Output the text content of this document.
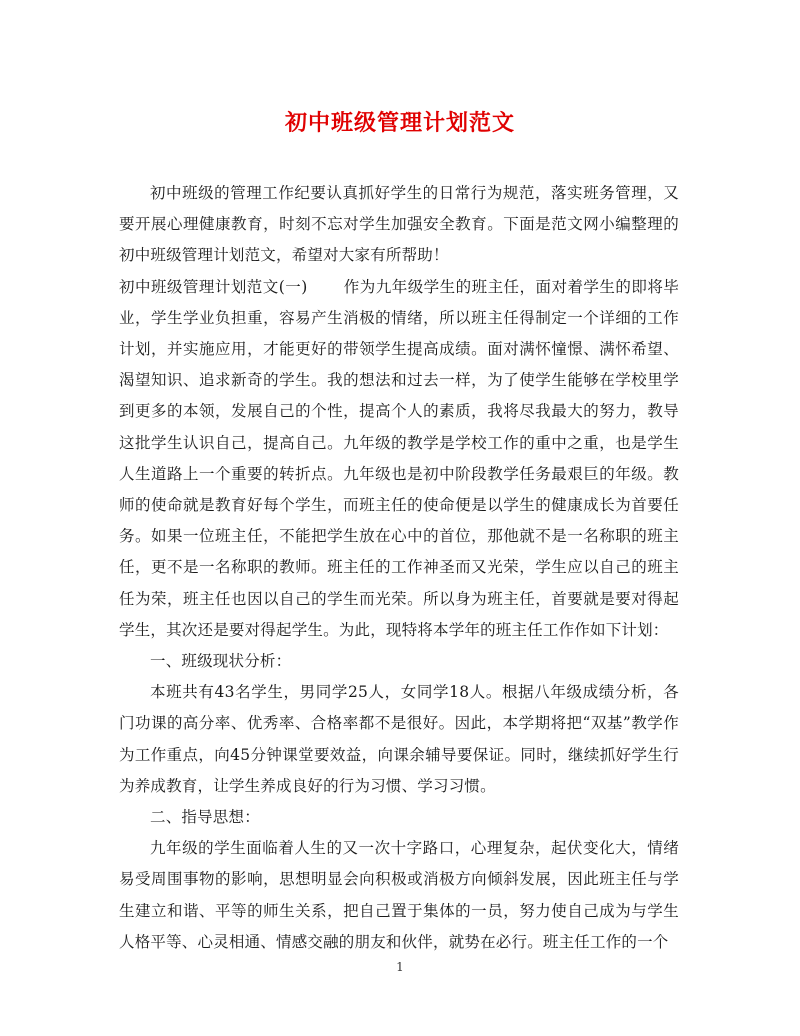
初中班级管理计划范文

初中班级的管理工作纪要认真抓好学生的日常行为规范，落实班务管理，又要开展心理健康教育，时刻不忘对学生加强安全教育。下面是范文网小编整理的初中班级管理计划范文，希望对大家有所帮助！

初中班级管理计划范文(一) 作为九年级学生的班主任，面对着学生的即将毕业，学生学业负担重，容易产生消极的情绪，所以班主任得制定一个详细的工作计划，并实施应用，才能更好的带领学生提高成绩。面对满怀憧憬、满怀希望、渴望知识、追求新奇的学生。我的想法和过去一样，为了使学生能够在学校里学到更多的本领，发展自己的个性，提高个人的素质，我将尽我最大的努力，教导这批学生认识自己，提高自己。九年级的教学是学校工作的重中之重，也是学生人生道路上一个重要的转折点。九年级也是初中阶段教学任务最艰巨的年级。教师的使命就是教育好每个学生，而班主任的使命便是以学生的健康成长为首要任务。如果一位班主任，不能把学生放在心中的首位，那他就不是一名称职的班主任，更不是一名称职的教师。班主任的工作神圣而又光荣，学生应以自己的班主任为荣，班主任也因以自己的学生而光荣。所以身为班主任，首要就是要对得起学生，其次还是要对得起学生。为此，现特将本学年的班主任工作作如下计划：

一、班级现状分析：

本班共有43名学生，男同学25人，女同学18人。根据八年级成绩分析，各门功课的高分率、优秀率、合格率都不是很好。因此，本学期将把“双基”教学作为工作重点，向45分钟课堂要效益，向课余辅导要保证。同时，继续抓好学生行为养成教育，让学生养成良好的行为习惯、学习习惯。

二、指导思想：

九年级的学生面临着人生的又一次十字路口，心理复杂，起伏变化大，情绪易受周围事物的影响，思想明显会向积极或消极方向倾斜发展，因此班主任与学生建立和谐、平等的师生关系，把自己置于集体的一员，努力使自己成为与学生人格平等、心灵相通、情感交融的朋友和伙伴，就势在必行。班主任工作的一个

1
